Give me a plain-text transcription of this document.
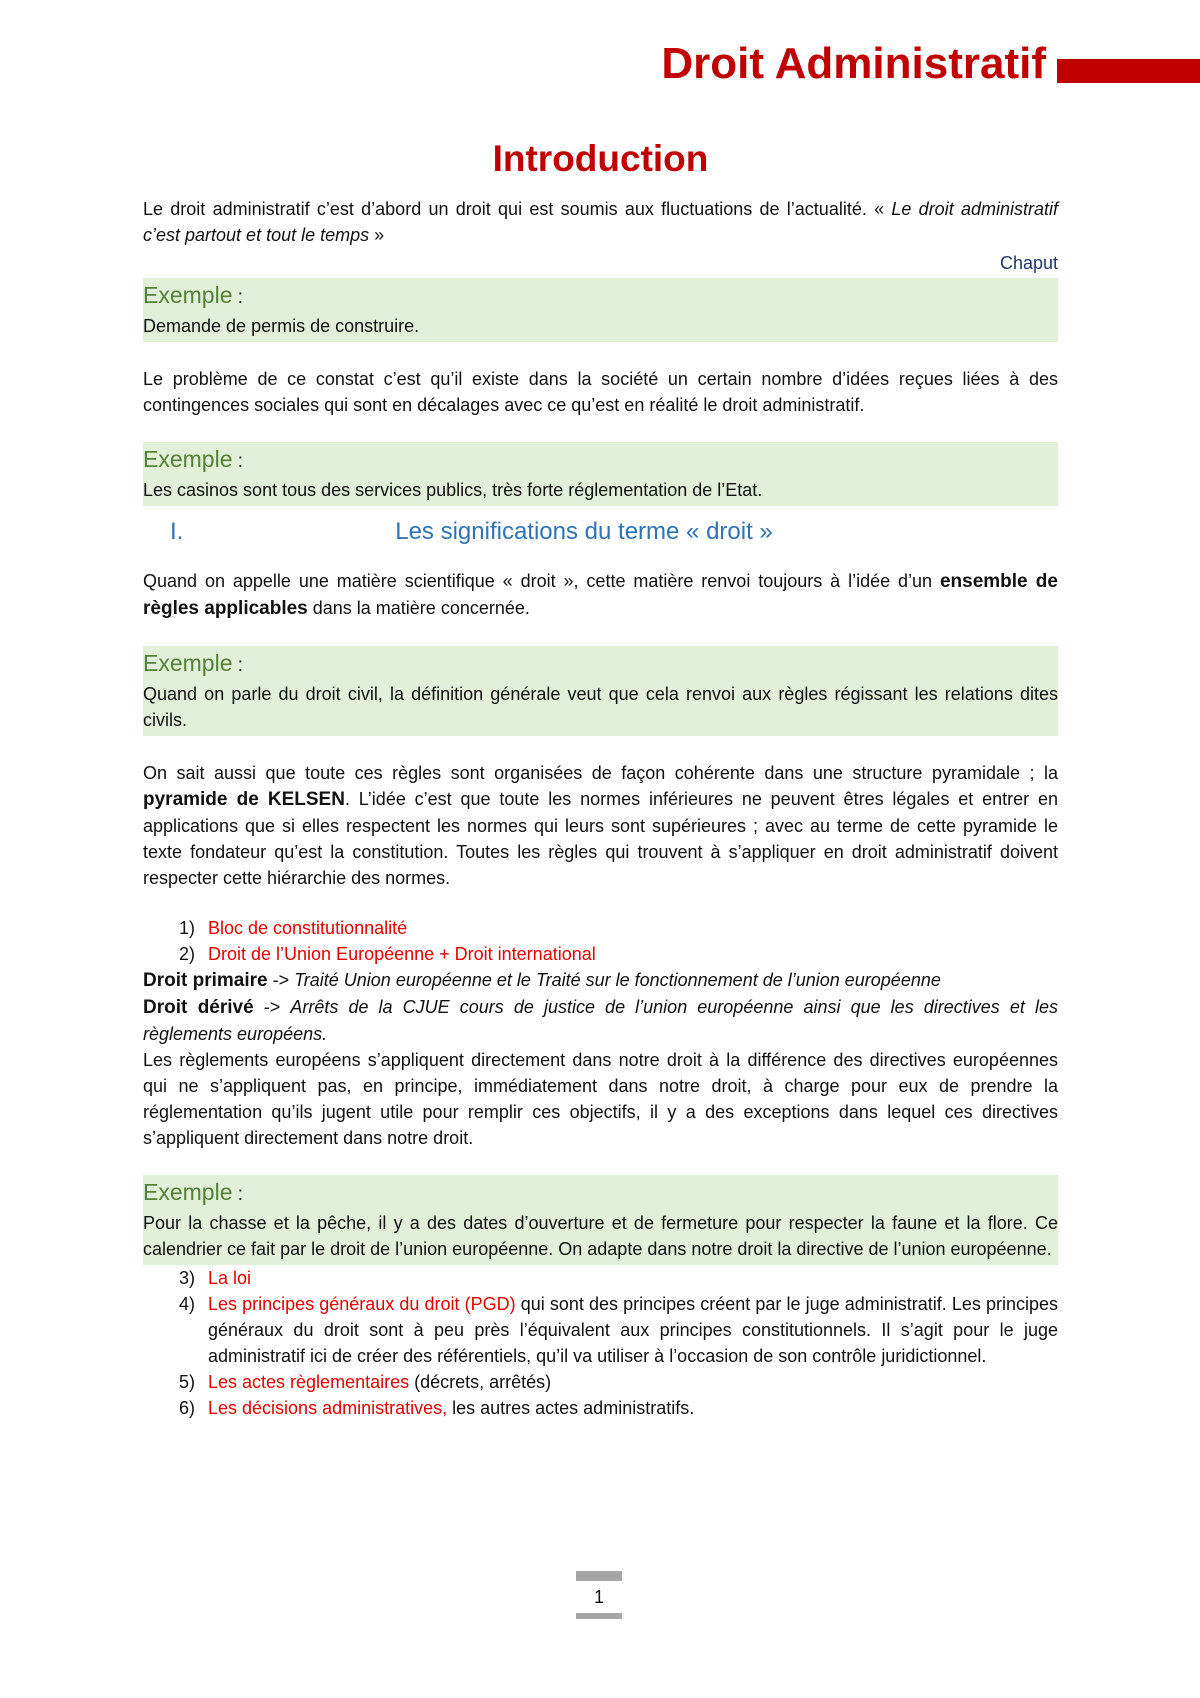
Droit Administratif
Introduction

Le droit administratif c’est d’abord un droit qui est soumis aux fluctuations de l’actualité. « Le droit administratif c’est partout et tout le temps »

Chaput
Exemple :

Demande de permis de construire.

Le problème de ce constat c’est qu’il existe dans la société un certain nombre d’idées reçues liées à des contingences sociales qui sont en décalages avec ce qu’est en réalité le droit administratif.

Exemple :

Les casinos sont tous des services publics, très forte réglementation de l’Etat.

I.	Les significations du terme « droit »

Quand on appelle une matière scientifique « droit », cette matière renvoi toujours à l’idée d’un ensemble de règles applicables dans la matière concernée.

Exemple :

Quand on parle du droit civil, la définition générale veut que cela renvoi aux règles régissant les relations dites civils.

On sait aussi que toute ces règles sont organisées de façon cohérente dans une structure pyramidale ; la pyramide de KELSEN. L’idée c’est que toute les normes inférieures ne peuvent êtres légales et entrer en applications que si elles respectent les normes qui leurs sont supérieures ; avec au terme de cette pyramide le texte fondateur qu’est la constitution. Toutes les règles qui trouvent à s’appliquer en droit administratif doivent respecter cette hiérarchie des normes.

1) Bloc de constitutionnalité
2) Droit de l’Union Européenne + Droit international

Droit primaire -> Traité Union européenne et le Traité sur le fonctionnement de l’union européenne

Droit dérivé -> Arrêts de la CJUE cours de justice de l’union européenne ainsi que les directives et les règlements européens.

Les règlements européens s’appliquent directement dans notre droit à la différence des directives européennes qui ne s’appliquent pas, en principe, immédiatement dans notre droit, à charge pour eux de prendre la réglementation qu’ils jugent utile pour remplir ces objectifs, il y a des exceptions dans lequel ces directives s’appliquent directement dans notre droit.

Exemple :

Pour la chasse et la pêche, il y a des dates d’ouverture et de fermeture pour respecter la faune et la flore. Ce calendrier ce fait par le droit de l’union européenne. On adapte dans notre droit la directive de l’union européenne.

3) La loi
4) Les principes généraux du droit (PGD) qui sont des principes créent par le juge administratif. Les principes généraux du droit sont à peu près l’équivalent aux principes constitutionnels. Il s’agit pour le juge administratif ici de créer des référentiels, qu’il va utiliser à l’occasion de son contrôle juridictionnel.
5) Les actes règlementaires (décrets, arrêtés)
6) Les décisions administratives, les autres actes administratifs.
1
